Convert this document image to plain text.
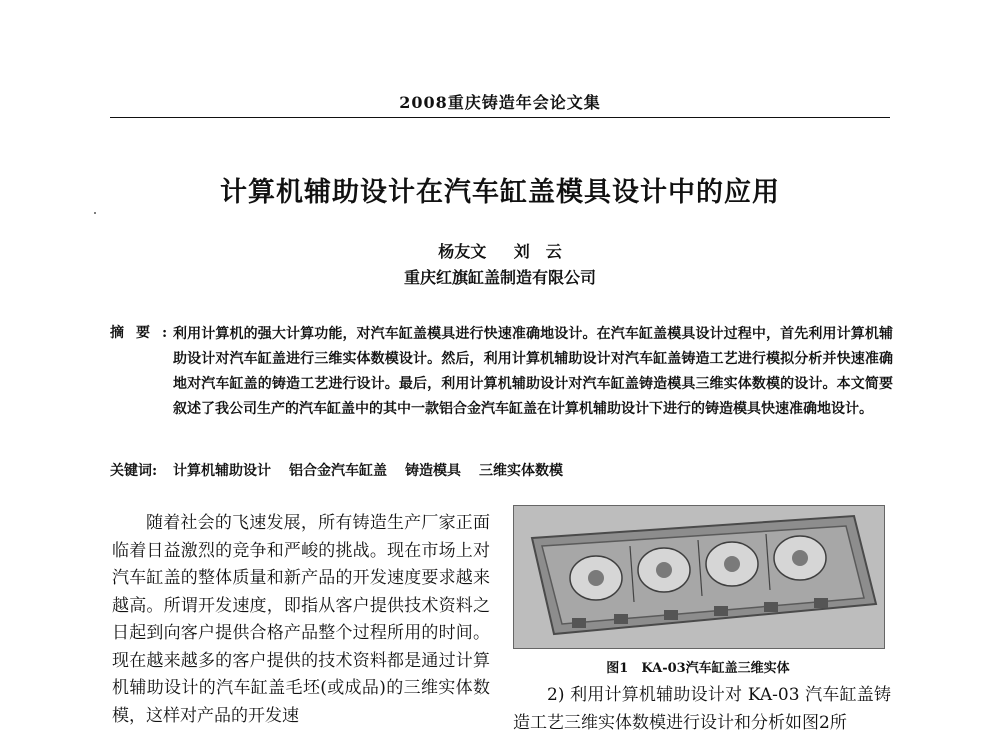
2008重庆铸造年会论文集
计算机辅助设计在汽车缸盖模具设计中的应用
杨友文 刘　云
重庆红旗缸盖制造有限公司
摘要:
利用计算机的强大计算功能，对汽车缸盖模具进行快速准确地设计。在汽车缸盖模具设计过程中，首先利用计算机辅助设计对汽车缸盖进行三维实体数模设计。然后，利用计算机辅助设计对汽车缸盖铸造工艺进行模拟分析并快速准确地对汽车缸盖的铸造工艺进行设计。最后，利用计算机辅助设计对汽车缸盖铸造模具三维实体数模的设计。本文简要叙述了我公司生产的汽车缸盖中的其中一款铝合金汽车缸盖在计算机辅助设计下进行的铸造模具快速准确地设计。
关键词: 计算机辅助设计 铝合金汽车缸盖 铸造模具 三维实体数模
随着社会的飞速发展，所有铸造生产厂家正面临着日益激烈的竞争和严峻的挑战。现在市场上对汽车缸盖的整体质量和新产品的开发速度要求越来越高。所谓开发速度，即指从客户提供技术资料之日起到向客户提供合格产品整个过程所用的时间。现在越来越多的客户提供的技术资料都是通过计算机辅助设计的汽车缸盖毛坯(或成品)的三维实体数模，这样对产品的开发速
图1　KA-03汽车缸盖三维实体
2) 利用计算机辅助设计对 KA-03 汽车缸盖铸造工艺三维实体数模进行设计和分析如图2所
